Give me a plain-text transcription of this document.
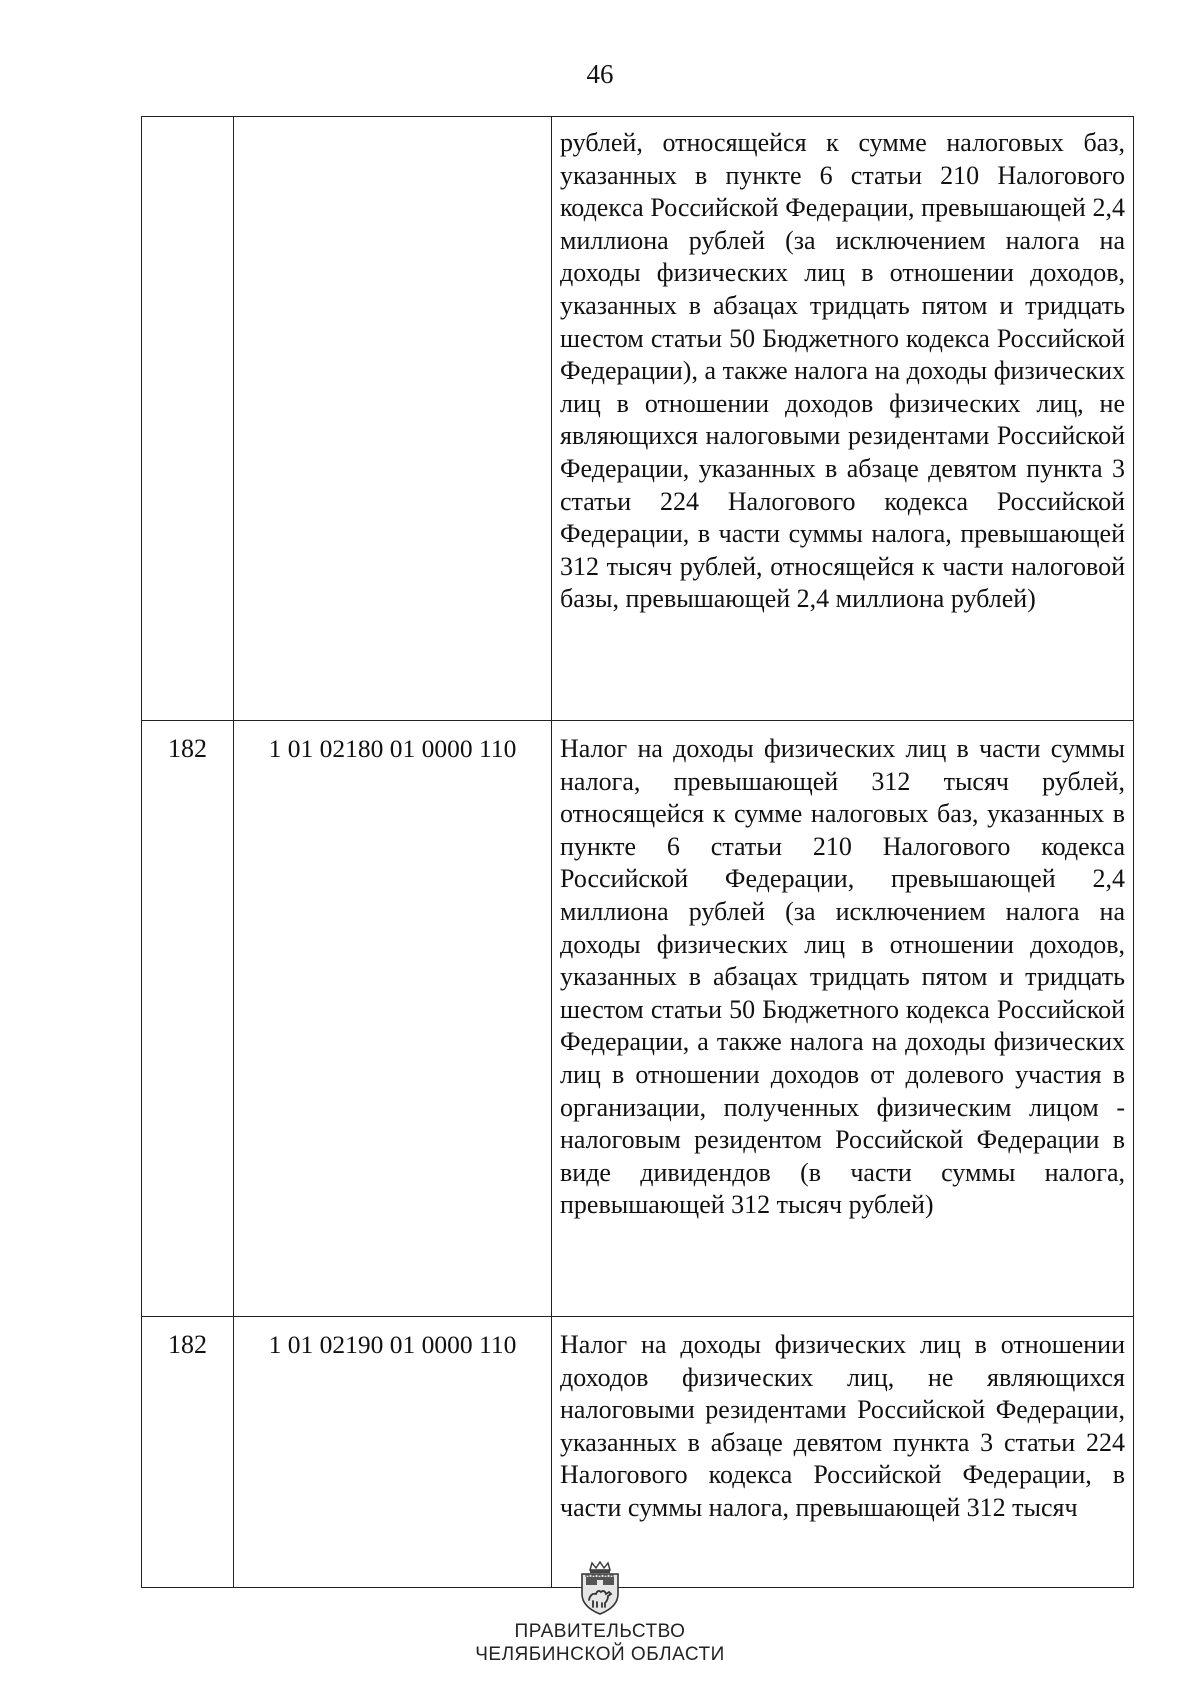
46
		рублей, относящейся к сумме налоговых баз, указанных в пункте 6 статьи 210 Налогового кодекса Российской Федерации, превышающей 2,4 миллиона рублей (за исключением налога на доходы физических лиц в отношении доходов, указанных в абзацах тридцать пятом и тридцать шестом статьи 50 Бюджетного кодекса Российской Федерации), а также налога на доходы физических лиц в отношении доходов физических лиц, не являющихся налоговыми резидентами Российской Федерации, указанных в абзаце девятом пункта 3 статьи 224 Налогового кодекса Российской Федерации, в части суммы налога, превышающей 312 тысяч рублей, относящейся к части налоговой базы, превышающей 2,4 миллиона рублей)
182	1 01 02180 01 0000 110	Налог на доходы физических лиц в части суммы налога, превышающей 312 тысяч рублей, относящейся к сумме налоговых баз, указанных в пункте 6 статьи 210 Налогового кодекса Российской Федерации, превышающей 2,4 миллиона рублей (за исключением налога на доходы физических лиц в отношении доходов, указанных в абзацах тридцать пятом и тридцать шестом статьи 50 Бюджетного кодекса Российской Федерации, а также налога на доходы физических лиц в отношении доходов от долевого участия в организации, полученных физическим лицом - налоговым резидентом Российской Федерации в виде дивидендов (в части суммы налога, превышающей 312 тысяч рублей)
182	1 01 02190 01 0000 110	Налог на доходы физических лиц в отношении доходов физических лиц, не являющихся налоговыми резидентами Российской Федерации, указанных в абзаце девятом пункта 3 статьи 224 Налогового кодекса Российской Федерации, в части суммы налога, превышающей 312 тысяч
ПРАВИТЕЛЬСТВО
ЧЕЛЯБИНСКОЙ ОБЛАСТИ
